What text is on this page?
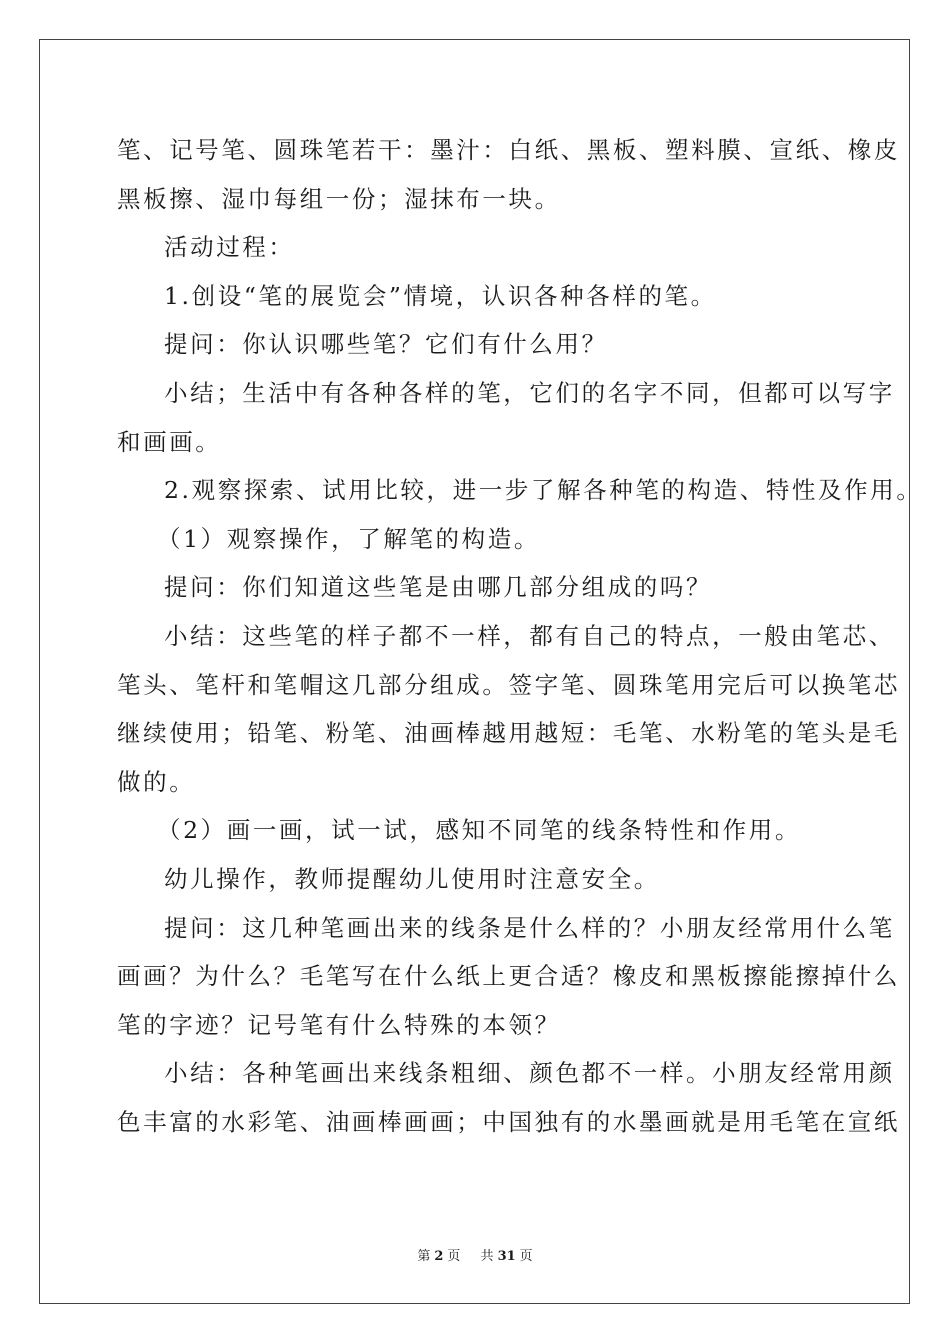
笔、记号笔、圆珠笔若干：墨汁：白纸、黑板、塑料膜、宣纸、橡皮

黑板擦、湿巾每组一份；湿抹布一块。

活动过程：

1.创设“笔的展览会”情境，认识各种各样的笔。

提问：你认识哪些笔？它们有什么用？

小结；生活中有各种各样的笔，它们的名字不同，但都可以写字

和画画。

2.观察探索、试用比较，进一步了解各种笔的构造、特性及作用。

（1）观察操作，了解笔的构造。

提问：你们知道这些笔是由哪几部分组成的吗？

小结：这些笔的样子都不一样，都有自己的特点，一般由笔芯、

笔头、笔杆和笔帽这几部分组成。签字笔、圆珠笔用完后可以换笔芯

继续使用；铅笔、粉笔、油画棒越用越短：毛笔、水粉笔的笔头是毛

做的。

（2）画一画，试一试，感知不同笔的线条特性和作用。

幼儿操作，教师提醒幼儿使用时注意安全。

提问：这几种笔画出来的线条是什么样的？小朋友经常用什么笔

画画？为什么？毛笔写在什么纸上更合适？橡皮和黑板擦能擦掉什么

笔的字迹？记号笔有什么特殊的本领？

小结：各种笔画出来线条粗细、颜色都不一样。小朋友经常用颜

色丰富的水彩笔、油画棒画画；中国独有的水墨画就是用毛笔在宣纸

第 2 页 共 31 页
